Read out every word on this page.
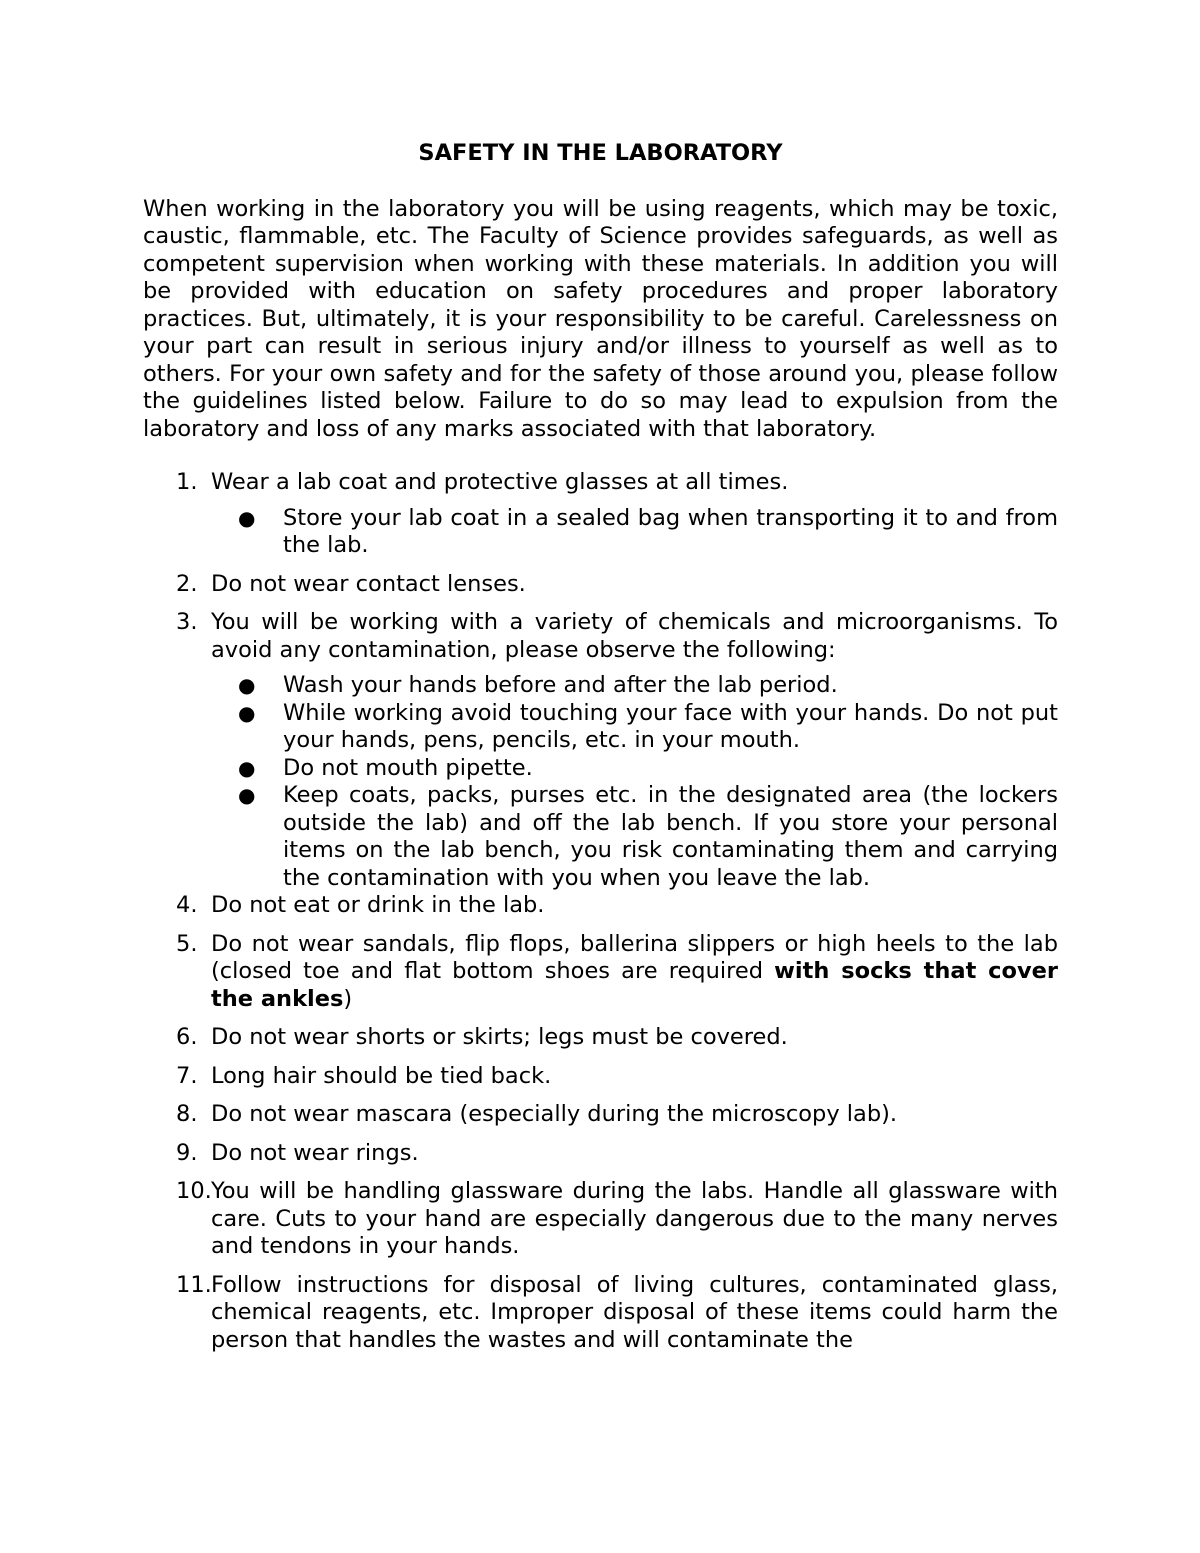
SAFETY IN THE LABORATORY

When working in the laboratory you will be using reagents, which may be toxic, caustic, flammable, etc. The Faculty of Science provides safeguards, as well as competent supervision when working with these materials. In addition you will be provided with education on safety procedures and proper laboratory practices. But, ultimately, it is your responsibility to be careful. Carelessness on your part can result in serious injury and/or illness to yourself as well as to others. For your own safety and for the safety of those around you, please follow the guidelines listed below. Failure to do so may lead to expulsion from the laboratory and loss of any marks associated with that laboratory.

1. Wear a lab coat and protective glasses at all times.
● Store your lab coat in a sealed bag when transporting it to and from the lab.
2. Do not wear contact lenses.
3. You will be working with a variety of chemicals and microorganisms. To avoid any contamination, please observe the following:
● Wash your hands before and after the lab period.
● While working avoid touching your face with your hands. Do not put your hands, pens, pencils, etc. in your mouth.
● Do not mouth pipette.
● Keep coats, packs, purses etc. in the designated area (the lockers outside the lab) and off the lab bench. If you store your personal items on the lab bench, you risk contaminating them and carrying the contamination with you when you leave the lab.
4. Do not eat or drink in the lab.
5. Do not wear sandals, flip flops, ballerina slippers or high heels to the lab (closed toe and flat bottom shoes are required with socks that cover the ankles)
6. Do not wear shorts or skirts; legs must be covered.
7. Long hair should be tied back.
8. Do not wear mascara (especially during the microscopy lab).
9. Do not wear rings.
10. You will be handling glassware during the labs. Handle all glassware with care. Cuts to your hand are especially dangerous due to the many nerves and tendons in your hands.
11. Follow instructions for disposal of living cultures, contaminated glass, chemical reagents, etc. Improper disposal of these items could harm the person that handles the wastes and will contaminate the
